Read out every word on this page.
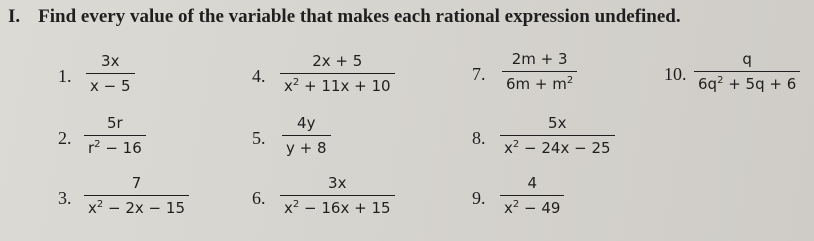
I. Find every value of the variable that makes each rational expression undefined.
1.
3x
x − 5
2.
5r
$r^2 - 16$
3.
7
$x^2 - 2x - 15$
4.
2x + 5
$x^2 + 11x + 10$
5.
4y
y + 8
6.
3x
$x^2 - 16x + 15$
7.
2m + 3
$6m + m^2$
8.
5x
$x^2 - 24x - 25$
9.
4
$x^2 - 49$
10.
q
$6q^2 + 5q + 6$
